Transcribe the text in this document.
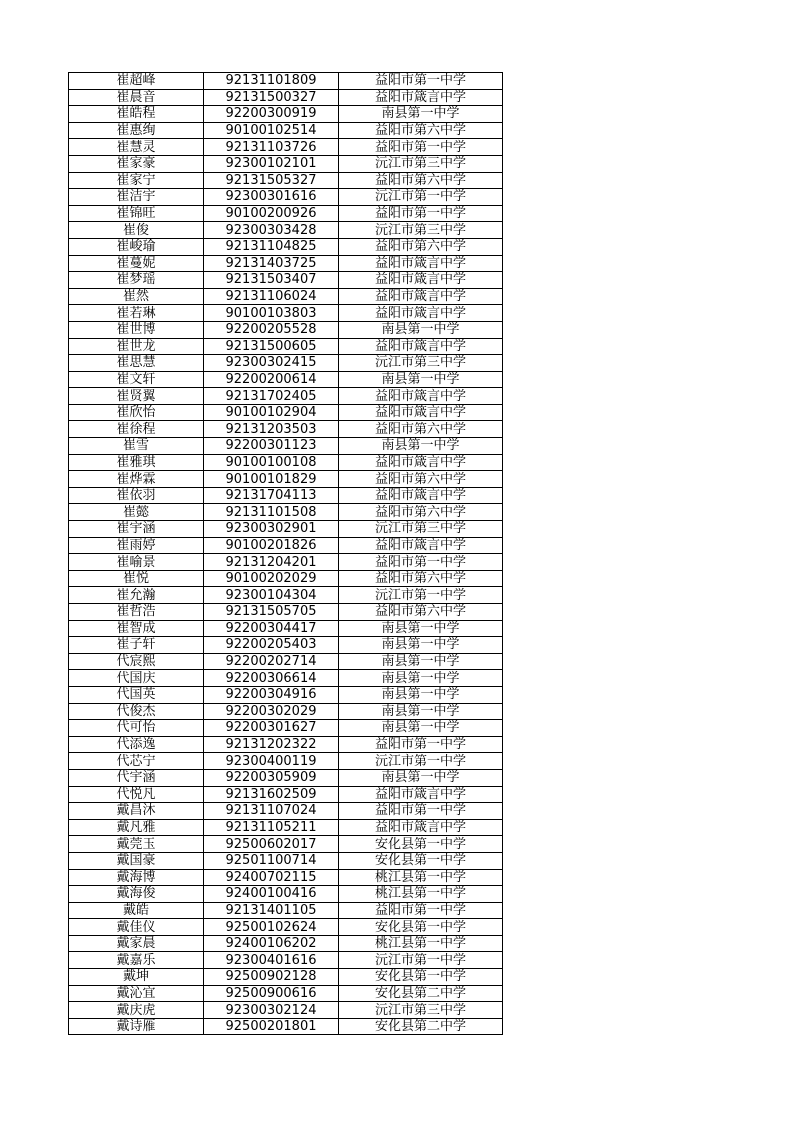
崔超峰	92131101809	益阳市第一中学
崔晨音	92131500327	益阳市箴言中学
崔皓程	92200300919	南县第一中学
崔惠绚	90100102514	益阳市第六中学
崔慧灵	92131103726	益阳市第一中学
崔家豪	92300102101	沅江市第三中学
崔家宁	92131505327	益阳市第六中学
崔洁宇	92300301616	沅江市第一中学
崔锦旺	90100200926	益阳市第一中学
崔俊	92300303428	沅江市第三中学
崔峻瑜	92131104825	益阳市第六中学
崔蔓妮	92131403725	益阳市箴言中学
崔梦瑶	92131503407	益阳市箴言中学
崔然	92131106024	益阳市箴言中学
崔若琳	90100103803	益阳市箴言中学
崔世博	92200205528	南县第一中学
崔世龙	92131500605	益阳市箴言中学
崔思慧	92300302415	沅江市第三中学
崔文轩	92200200614	南县第一中学
崔贤翼	92131702405	益阳市箴言中学
崔欣怡	90100102904	益阳市箴言中学
崔徐程	92131203503	益阳市第六中学
崔雪	92200301123	南县第一中学
崔雅琪	90100100108	益阳市箴言中学
崔烨霖	90100101829	益阳市第六中学
崔依羽	92131704113	益阳市箴言中学
崔懿	92131101508	益阳市第六中学
崔宇涵	92300302901	沅江市第三中学
崔雨婷	90100201826	益阳市箴言中学
崔喻景	92131204201	益阳市第一中学
崔悦	90100202029	益阳市第六中学
崔允瀚	92300104304	沅江市第一中学
崔哲浩	92131505705	益阳市第六中学
崔智成	92200304417	南县第一中学
崔子轩	92200205403	南县第一中学
代宸熙	92200202714	南县第一中学
代国庆	92200306614	南县第一中学
代国英	92200304916	南县第一中学
代俊杰	92200302029	南县第一中学
代可怡	92200301627	南县第一中学
代添逸	92131202322	益阳市第一中学
代芯宁	92300400119	沅江市第一中学
代宇涵	92200305909	南县第一中学
代悦凡	92131602509	益阳市箴言中学
戴昌沐	92131107024	益阳市第一中学
戴凡雅	92131105211	益阳市箴言中学
戴莞玉	92500602017	安化县第一中学
戴国豪	92501100714	安化县第一中学
戴海博	92400702115	桃江县第一中学
戴海俊	92400100416	桃江县第一中学
戴皓	92131401105	益阳市第一中学
戴佳仪	92500102624	安化县第一中学
戴家晨	92400106202	桃江县第一中学
戴嘉乐	92300401616	沅江市第一中学
戴坤	92500902128	安化县第一中学
戴沁宜	92500900616	安化县第二中学
戴庆虎	92300302124	沅江市第三中学
戴诗雁	92500201801	安化县第二中学
